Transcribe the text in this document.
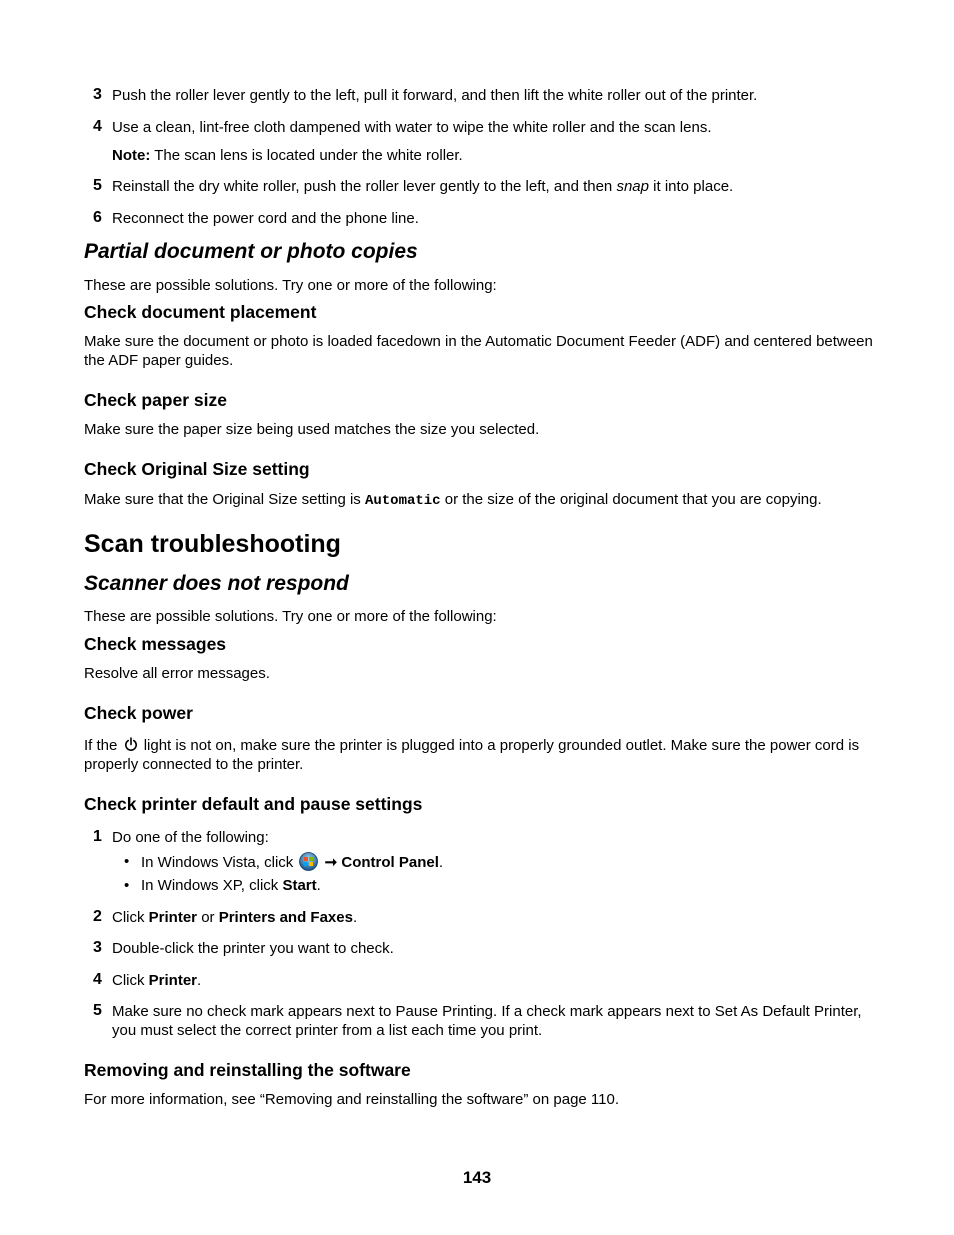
3 Push the roller lever gently to the left, pull it forward, and then lift the white roller out of the printer.
4 Use a clean, lint-free cloth dampened with water to wipe the white roller and the scan lens.
Note: The scan lens is located under the white roller.
5 Reinstall the dry white roller, push the roller lever gently to the left, and then snap it into place.
6 Reconnect the power cord and the phone line.
Partial document or photo copies
These are possible solutions. Try one or more of the following:
Check document placement
Make sure the document or photo is loaded facedown in the Automatic Document Feeder (ADF) and centered between the ADF paper guides.
Check paper size
Make sure the paper size being used matches the size you selected.
Check Original Size setting
Make sure that the Original Size setting is Automatic or the size of the original document that you are copying.
Scan troubleshooting
Scanner does not respond
These are possible solutions. Try one or more of the following:
Check messages
Resolve all error messages.
Check power
If the  light is not on, make sure the printer is plugged into a properly grounded outlet. Make sure the power cord is properly connected to the printer.
Check printer default and pause settings
1 Do one of the following:
• In Windows Vista, click  ➞ Control Panel.
• In Windows XP, click Start.
2 Click Printer or Printers and Faxes.
3 Double-click the printer you want to check.
4 Click Printer.
5 Make sure no check mark appears next to Pause Printing. If a check mark appears next to Set As Default Printer, you must select the correct printer from a list each time you print.
Removing and reinstalling the software
For more information, see “Removing and reinstalling the software” on page 110.
143
